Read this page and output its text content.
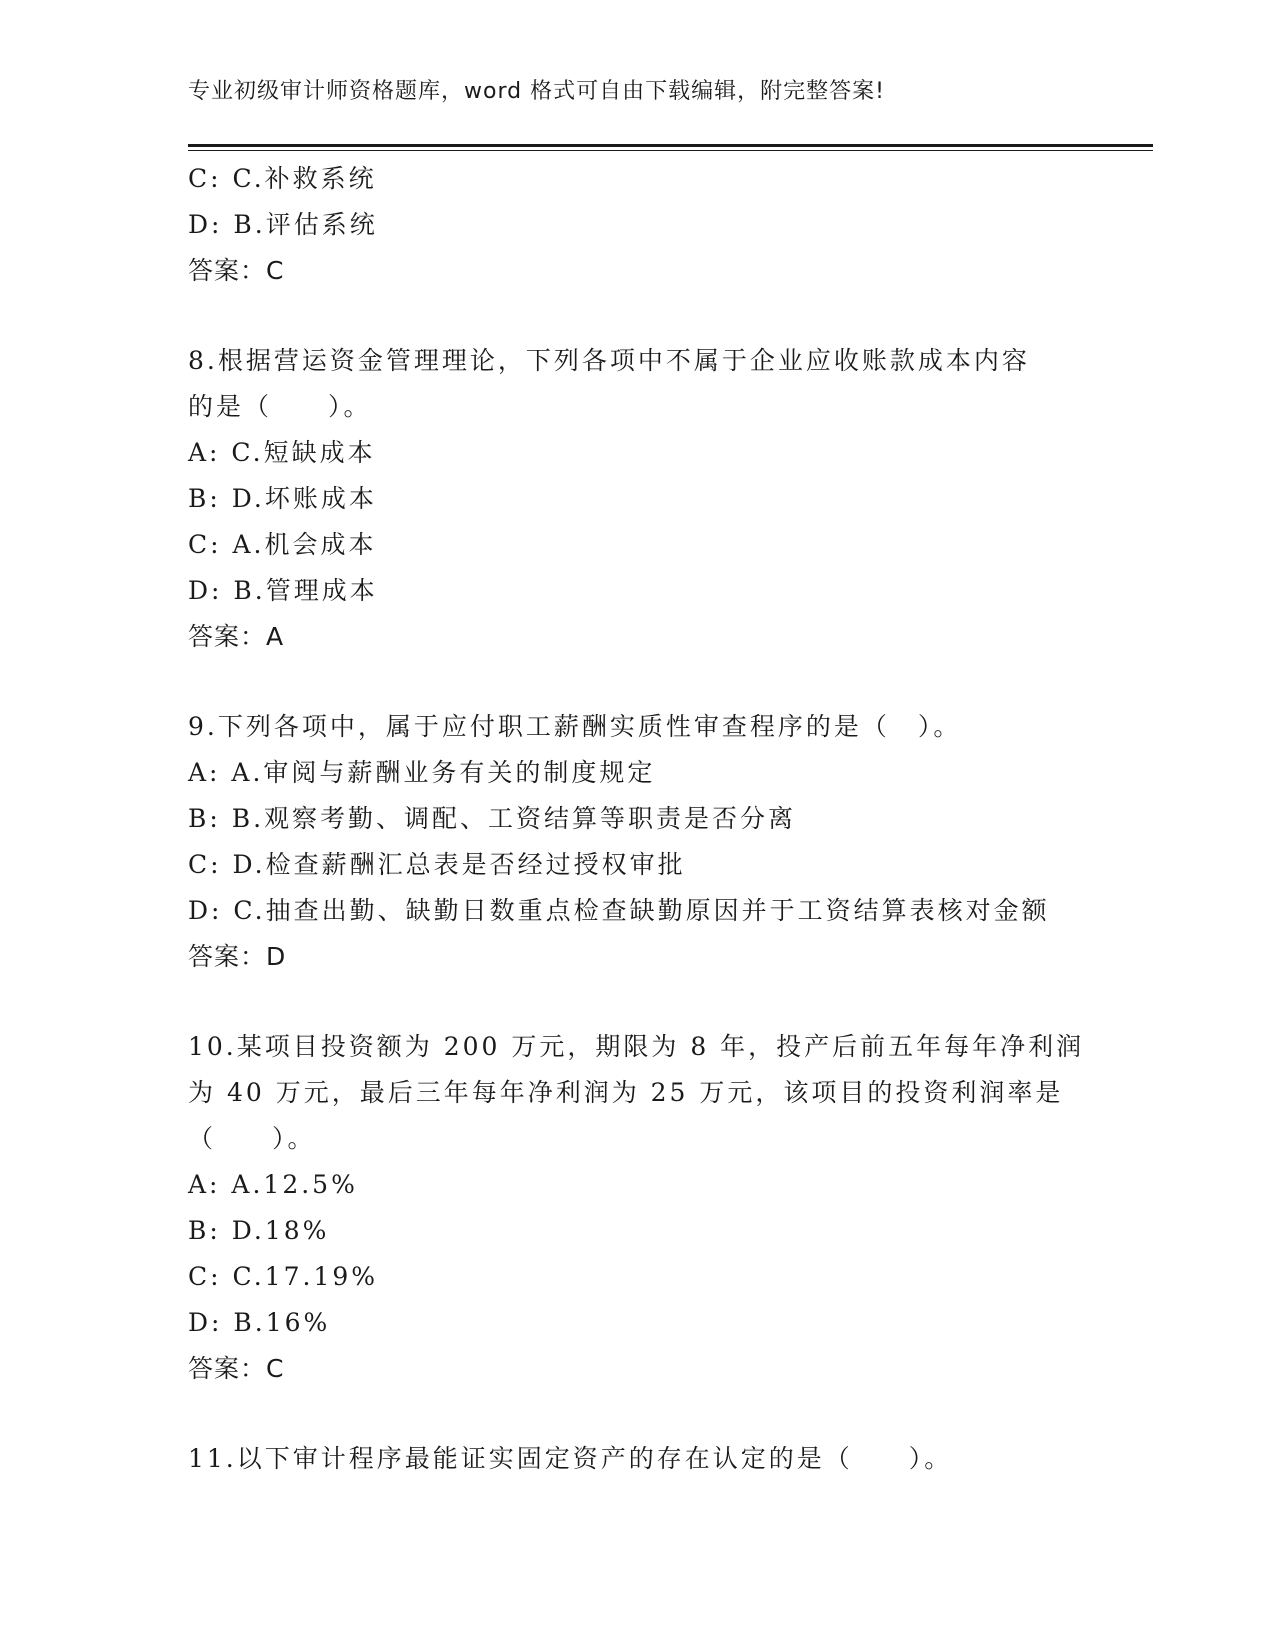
专业初级审计师资格题库，word 格式可自由下载编辑，附完整答案!
C: C.补救系统
D: B.评估系统
答案：C
8.根据营运资金管理理论，下列各项中不属于企业应收账款成本内容
的是（　　）。
A: C.短缺成本
B: D.坏账成本
C: A.机会成本
D: B.管理成本
答案：A
9.下列各项中，属于应付职工薪酬实质性审查程序的是（　）。
A: A.审阅与薪酬业务有关的制度规定
B: B.观察考勤、调配、工资结算等职责是否分离
C: D.检查薪酬汇总表是否经过授权审批
D: C.抽查出勤、缺勤日数重点检查缺勤原因并于工资结算表核对金额
答案：D
10.某项目投资额为 200 万元，期限为 8 年，投产后前五年每年净利润
为 40 万元，最后三年每年净利润为 25 万元，该项目的投资利润率是
（　　）。
A: A.12.5%
B: D.18%
C: C.17.19%
D: B.16%
答案：C
11.以下审计程序最能证实固定资产的存在认定的是（　　）。
